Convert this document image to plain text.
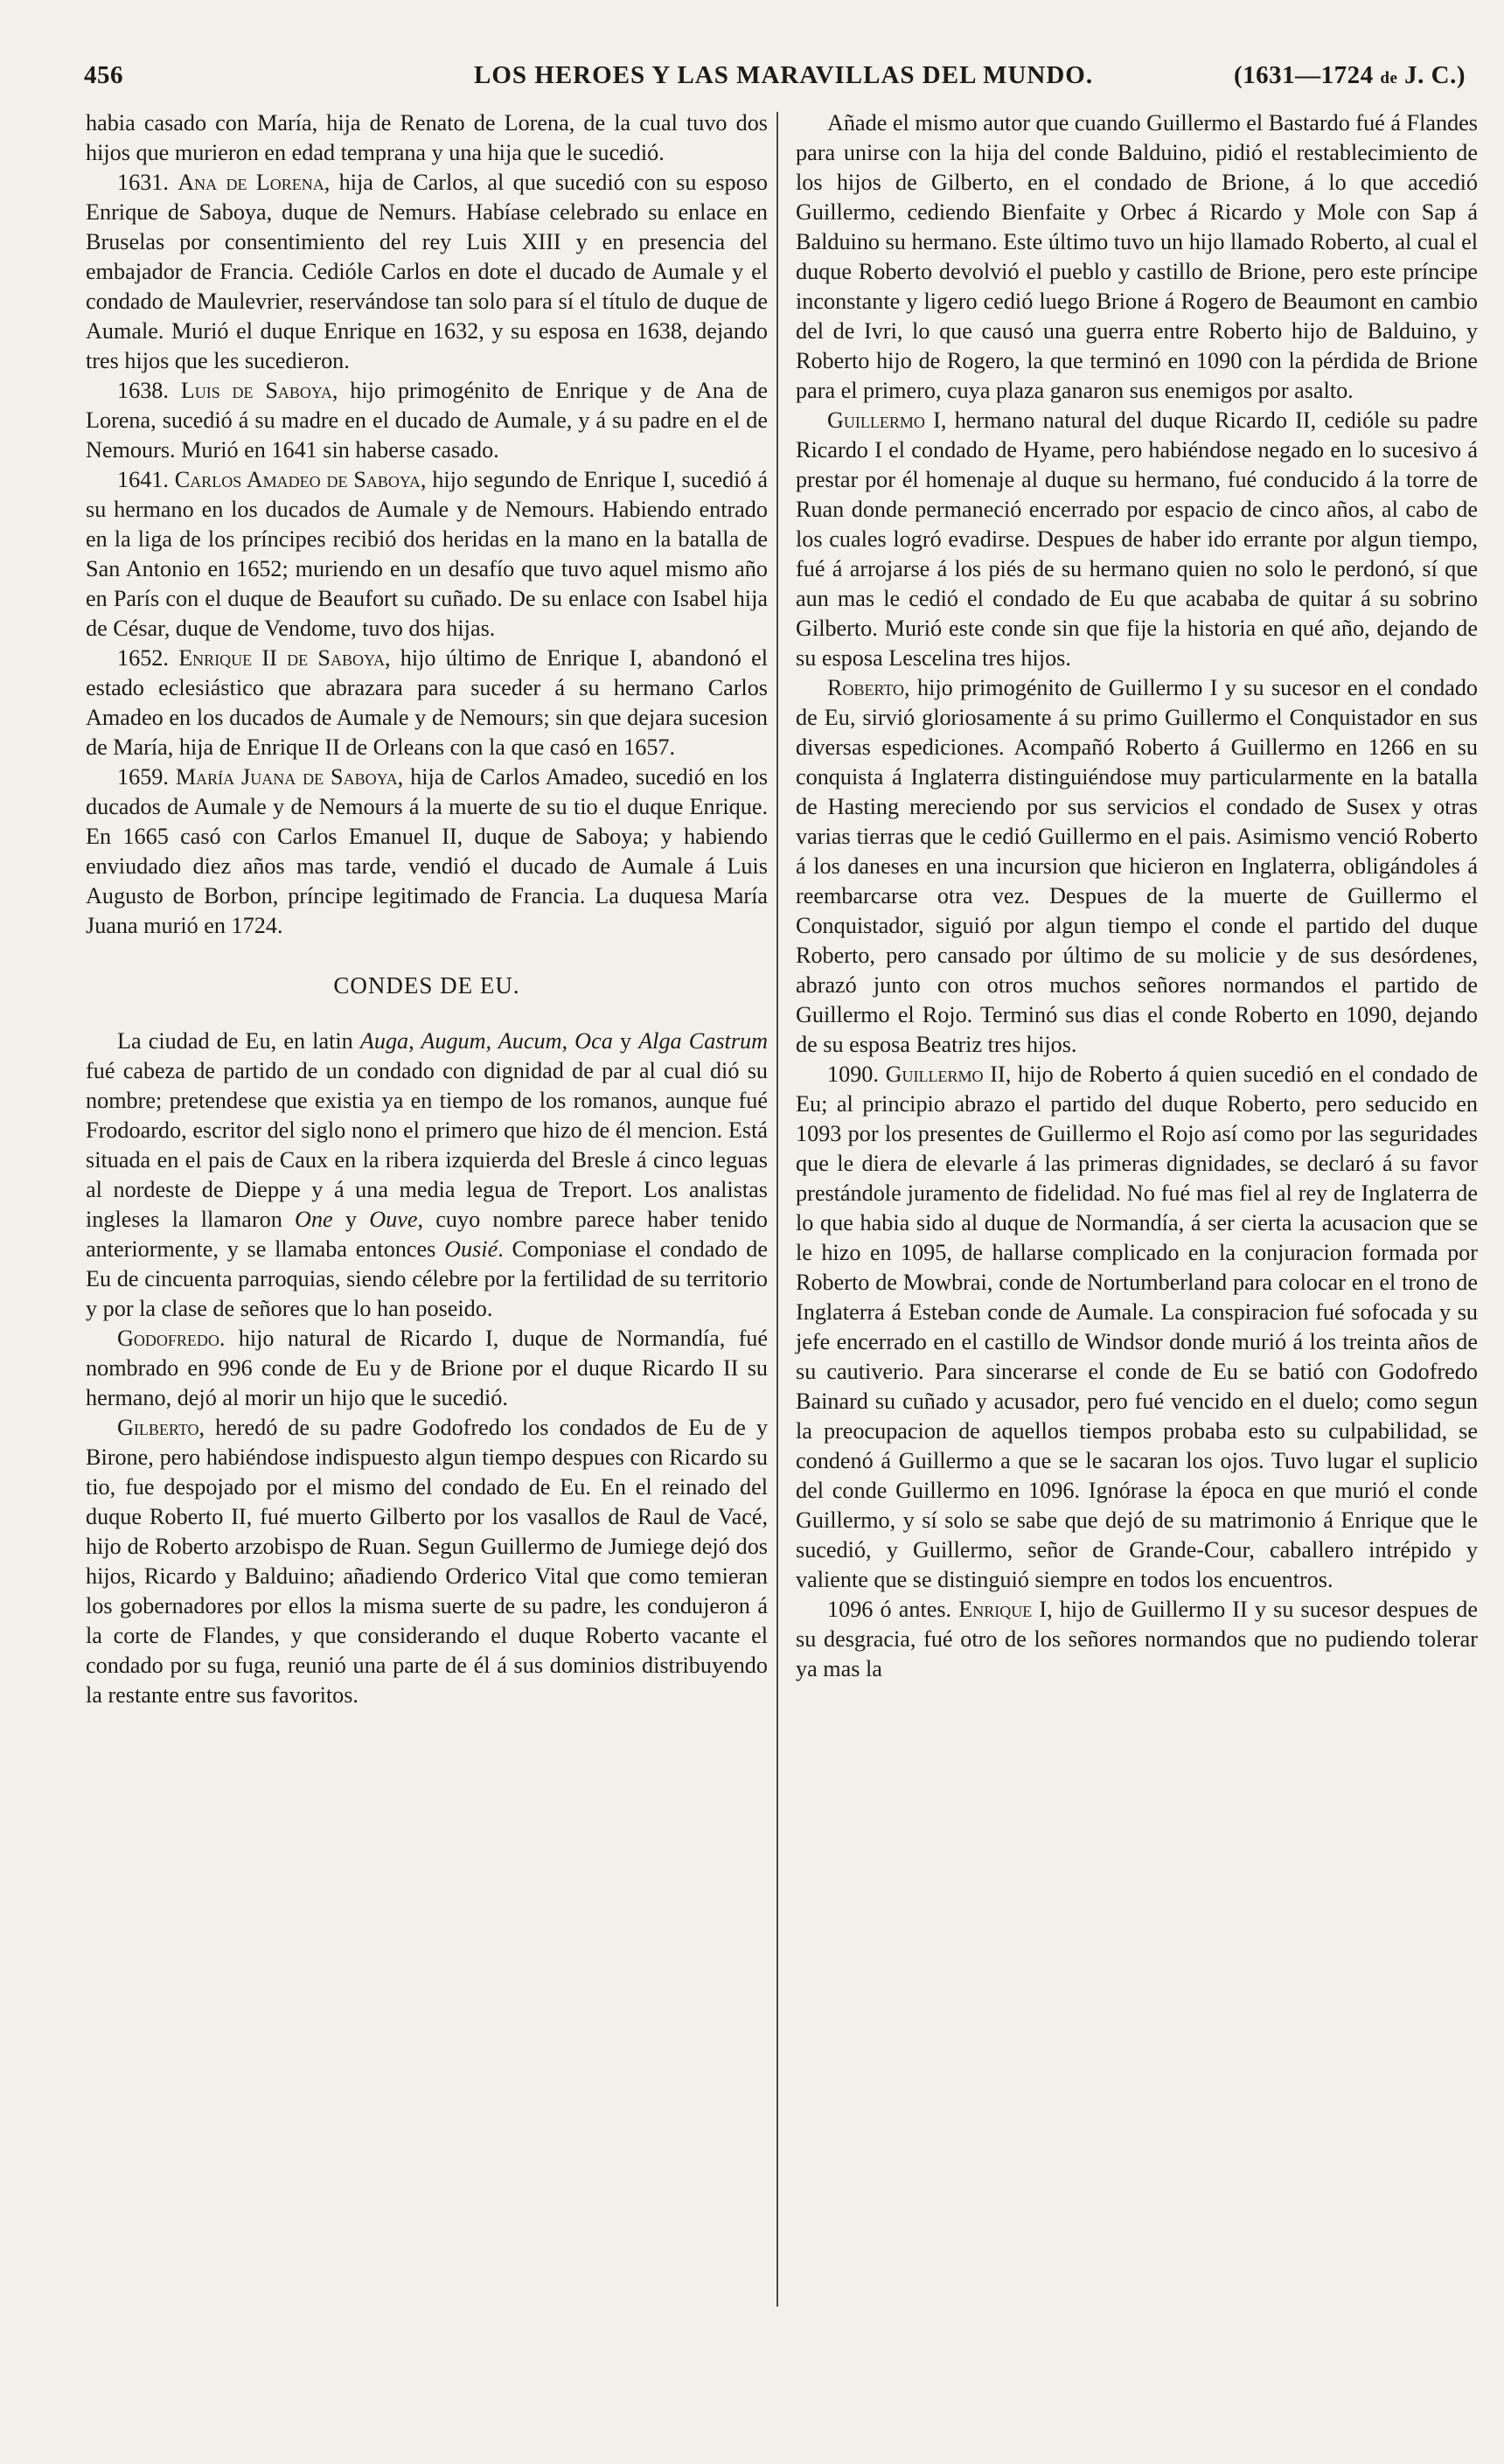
456	LOS HEROES Y LAS MARAVILLAS DEL MUNDO.	(1631—1724 de J. C.)

habia casado con María, hija de Renato de Lorena, de la cual tuvo dos hijos que murieron en edad temprana y una hija que le sucedió.

1631. Ana de Lorena, hija de Carlos, al que sucedió con su esposo Enrique de Saboya, duque de Nemurs. Habíase celebrado su enlace en Bruselas por consentimiento del rey Luis XIII y en presencia del embajador de Francia. Cedióle Carlos en dote el ducado de Aumale y el condado de Maulevrier, reservándose tan solo para sí el título de duque de Aumale. Murió el duque Enrique en 1632, y su esposa en 1638, dejando tres hijos que les sucedieron.

1638. Luis de Saboya, hijo primogénito de Enrique y de Ana de Lorena, sucedió á su madre en el ducado de Aumale, y á su padre en el de Nemours. Murió en 1641 sin haberse casado.

1641. Carlos Amadeo de Saboya, hijo segundo de Enrique I, sucedió á su hermano en los ducados de Aumale y de Nemours. Habiendo entrado en la liga de los príncipes recibió dos heridas en la mano en la batalla de San Antonio en 1652; muriendo en un desafío que tuvo aquel mismo año en París con el duque de Beaufort su cuñado. De su enlace con Isabel hija de César, duque de Vendome, tuvo dos hijas.

1652. Enrique II de Saboya, hijo último de Enrique I, abandonó el estado eclesiástico que abrazara para suceder á su hermano Carlos Amadeo en los ducados de Aumale y de Nemours; sin que dejara sucesion de María, hija de Enrique II de Orleans con la que casó en 1657.

1659. María Juana de Saboya, hija de Carlos Amadeo, sucedió en los ducados de Aumale y de Nemours á la muerte de su tio el duque Enrique. En 1665 casó con Carlos Emanuel II, duque de Saboya; y habiendo enviudado diez años mas tarde, vendió el ducado de Aumale á Luis Augusto de Borbon, príncipe legitimado de Francia. La duquesa María Juana murió en 1724.

CONDES DE EU.

La ciudad de Eu, en latin Auga, Augum, Aucum, Oca y Alga Castrum fué cabeza de partido de un condado con dignidad de par al cual dió su nombre; pretendese que existia ya en tiempo de los romanos, aunque fué Frodoardo, escritor del siglo nono el primero que hizo de él mencion. Está situada en el pais de Caux en la ribera izquierda del Bresle á cinco leguas al nordeste de Dieppe y á una media legua de Treport. Los analistas ingleses la llamaron One y Ouve, cuyo nombre parece haber tenido anteriormente, y se llamaba entonces Ousié. Componiase el condado de Eu de cincuenta parroquias, siendo célebre por la fertilidad de su territorio y por la clase de señores que lo han poseido.

Godofredo. hijo natural de Ricardo I, duque de Normandía, fué nombrado en 996 conde de Eu y de Brione por el duque Ricardo II su hermano, dejó al morir un hijo que le sucedió.

Gilberto, heredó de su padre Godofredo los condados de Eu de y Birone, pero habiéndose indispuesto algun tiempo despues con Ricardo su tio, fue despojado por el mismo del condado de Eu. En el reinado del duque Roberto II, fué muerto Gilberto por los vasallos de Raul de Vacé, hijo de Roberto arzobispo de Ruan. Segun Guillermo de Jumiege dejó dos hijos, Ricardo y Balduino; añadiendo Orderico Vital que como temieran los gobernadores por ellos la misma suerte de su padre, les condujeron á la corte de Flandes, y que considerando el duque Roberto vacante el condado por su fuga, reunió una parte de él á sus dominios distribuyendo la restante entre sus favoritos.

Añade el mismo autor que cuando Guillermo el Bastardo fué á Flandes para unirse con la hija del conde Balduino, pidió el restablecimiento de los hijos de Gilberto, en el condado de Brione, á lo que accedió Guillermo, cediendo Bienfaite y Orbec á Ricardo y Mole con Sap á Balduino su hermano. Este último tuvo un hijo llamado Roberto, al cual el duque Roberto devolvió el pueblo y castillo de Brione, pero este príncipe inconstante y ligero cedió luego Brione á Rogero de Beaumont en cambio del de Ivri, lo que causó una guerra entre Roberto hijo de Balduino, y Roberto hijo de Rogero, la que terminó en 1090 con la pérdida de Brione para el primero, cuya plaza ganaron sus enemigos por asalto.

Guillermo I, hermano natural del duque Ricardo II, cedióle su padre Ricardo I el condado de Hyame, pero habiéndose negado en lo sucesivo á prestar por él homenaje al duque su hermano, fué conducido á la torre de Ruan donde permaneció encerrado por espacio de cinco años, al cabo de los cuales logró evadirse. Despues de haber ido errante por algun tiempo, fué á arrojarse á los piés de su hermano quien no solo le perdonó, sí que aun mas le cedió el condado de Eu que acababa de quitar á su sobrino Gilberto. Murió este conde sin que fije la historia en qué año, dejando de su esposa Lescelina tres hijos.

Roberto, hijo primogénito de Guillermo I y su sucesor en el condado de Eu, sirvió gloriosamente á su primo Guillermo el Conquistador en sus diversas espediciones. Acompañó Roberto á Guillermo en 1266 en su conquista á Inglaterra distinguiéndose muy particularmente en la batalla de Hasting mereciendo por sus servicios el condado de Susex y otras varias tierras que le cedió Guillermo en el pais. Asimismo venció Roberto á los daneses en una incursion que hicieron en Inglaterra, obligándoles á reembarcarse otra vez. Despues de la muerte de Guillermo el Conquistador, siguió por algun tiempo el conde el partido del duque Roberto, pero cansado por último de su molicie y de sus desórdenes, abrazó junto con otros muchos señores normandos el partido de Guillermo el Rojo. Terminó sus dias el conde Roberto en 1090, dejando de su esposa Beatriz tres hijos.

1090. Guillermo II, hijo de Roberto á quien sucedió en el condado de Eu; al principio abrazo el partido del duque Roberto, pero seducido en 1093 por los presentes de Guillermo el Rojo así como por las seguridades que le diera de elevarle á las primeras dignidades, se declaró á su favor prestándole juramento de fidelidad. No fué mas fiel al rey de Inglaterra de lo que habia sido al duque de Normandía, á ser cierta la acusacion que se le hizo en 1095, de hallarse complicado en la conjuracion formada por Roberto de Mowbrai, conde de Nortumberland para colocar en el trono de Inglaterra á Esteban conde de Aumale. La conspiracion fué sofocada y su jefe encerrado en el castillo de Windsor donde murió á los treinta años de su cautiverio. Para sincerarse el conde de Eu se batió con Godofredo Bainard su cuñado y acusador, pero fué vencido en el duelo; como segun la preocupacion de aquellos tiempos probaba esto su culpabilidad, se condenó á Guillermo a que se le sacaran los ojos. Tuvo lugar el suplicio del conde Guillermo en 1096. Ignórase la época en que murió el conde Guillermo, y sí solo se sabe que dejó de su matrimonio á Enrique que le sucedió, y Guillermo, señor de Grande-Cour, caballero intrépido y valiente que se distinguió siempre en todos los encuentros.

1096 ó antes. Enrique I, hijo de Guillermo II y su sucesor despues de su desgracia, fué otro de los señores normandos que no pudiendo tolerar ya mas la
